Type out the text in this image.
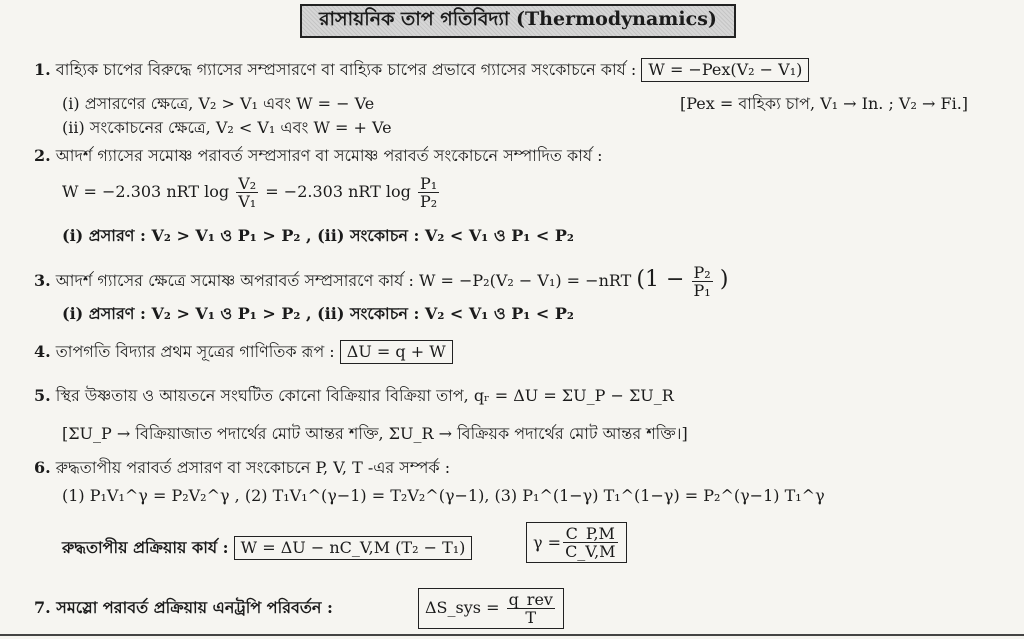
রাসায়নিক তাপ গতিবিদ্যা (Thermodynamics)
1. বাহ্যিক চাপের বিরুদ্ধে গ্যাসের সম্প্রসারণে বা বাহ্যিক চাপের প্রভাবে গ্যাসের সংকোচনে কার্য : W = −Pex(V₂ − V₁)
(i) প্রসারণের ক্ষেত্রে, V₂ > V₁ এবং W = − Ve	[Pex = বাহিক্য চাপ, V₁ → In. ; V₂ → Fi.]
(ii) সংকোচনের ক্ষেত্রে, V₂ < V₁ এবং W = + Ve
2. আদর্শ গ্যাসের সমোষ্ণ পরাবর্ত সম্প্রসারণ বা সমোষ্ণ পরাবর্ত সংকোচনে সম্পাদিত কার্য :
W = −2.303 nRT $\log \frac{\text{V₂}}{\text{V₁}} = -2.303$ nRT $\log \frac{\text{P₁}}{\text{P₂}}$
(i) প্রসারণ : V₂ > V₁ ও P₁ > P₂ , (ii) সংকোচন : V₂ < V₁ ও P₁ < P₂
3. আদর্শ গ্যাসের ক্ষেত্রে সমোষ্ণ অপরাবর্ত সম্প্রসারণে কার্য : W = −P₂(V₂ − V₁) = −nRT ($1 - \frac{\text{P₂}}{\text{P₁}}$ )
(i) প্রসারণ : V₂ > V₁ ও P₁ > P₂ , (ii) সংকোচন : V₂ < V₁ ও P₁ < P₂
4. তাপগতি বিদ্যার প্রথম সূত্রের গাণিতিক রূপ : ΔU = q + W
5. স্থির উষ্ণতায় ও আয়তনে সংঘটিত কোনো বিক্রিয়ার বিক্রিয়া তাপ, qᵣ = ΔU = ΣU_P − ΣU_R
[ΣU_P → বিক্রিয়াজাত পদার্থের মোট আন্তর শক্তি, ΣU_R → বিক্রিয়ক পদার্থের মোট আন্তর শক্তি।]
6. রুদ্ধতাপীয় পরাবর্ত প্রসারণ বা সংকোচনে P, V, T -এর সম্পর্ক :
(1) P₁V₁^γ = P₂V₂^γ , (2) T₁V₁^(γ−1) = T₂V₂^(γ−1), (3) P₁^(1−γ) T₁^(1−γ) = P₂^(γ−1) T₁^γ
রুদ্ধতাপীয় প্রক্রিয়ায় কার্য : W = ΔU − nC_V,M (T₂ − T₁)	$\gamma = \frac{C\_P,M}{C\_V,M}$
7. সমস্লো পরাবর্ত প্রক্রিয়ায় এনট্রপি পরিবর্তন :	ΔS_sys = $\frac{\text{q\_rev}}{T}$
